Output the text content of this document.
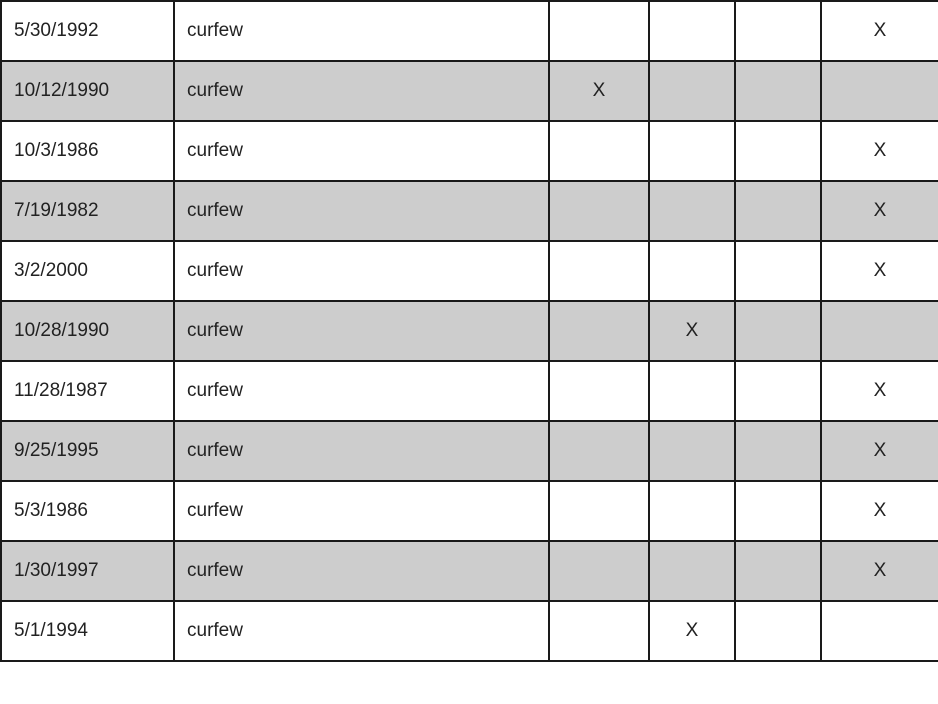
5/30/1992	curfew				X
10/12/1990	curfew	X			
10/3/1986	curfew				X
7/19/1982	curfew				X
3/2/2000	curfew				X
10/28/1990	curfew		X		
11/28/1987	curfew				X
9/25/1995	curfew				X
5/3/1986	curfew				X
1/30/1997	curfew				X
5/1/1994	curfew		X		
